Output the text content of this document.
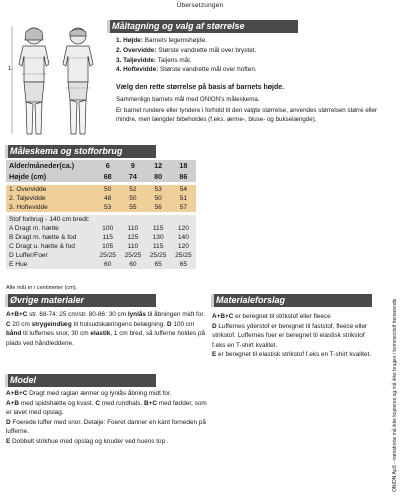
Übersetzungen
1.
Måltagning og valg af størrelse
1. Højde: Barnets legemshøjde.
2. Overvidde: Største vandrette mål over brystet.
3. Taljevidde: Taljens mål.
4. Hoftevidde: Største vandrette mål over hoften.
Vælg den rette størrelse på basis af barnets højde.
Sammenlign barnets mål med ONION's måleskema.
Er barnet rundere eller tyndere i forhold til den valgte størrelse, anvendes størrelsen større eller mindre, men længder bibeholdes (f.eks. ærme-, bluse- og bukselængde).
Måleskema og stofforbrug
Alder/måneder(ca.)	6	9	12	18
Højde (cm)	68	74	80	86

1. Overvidde	50	52	53	54
2. Taljevidde	48	50	50	51
3. Hoftevidde	53	55	56	57

Stof forbrug - 140 cm bredt:				
A Dragt m. hætte	100	110	115	120
B Dragt m. hætte & fod	115	125	130	140
C Dragt u. hætte & fod	105	110	115	120
D Luffer/Foer	25/25	25/25	25/25	25/25
E Hue	60	60	65	65
Alle mål er i centimeter (cm).
Øvrige materialer
A+B+C str. 68-74: 25 cm/str. 80-86: 30 cm lynlås til åbningen midt for. C 20 cm strygeindlæg til holsudskæringens belægning. D 100 cm bånd til luffernes snor, 30 cm elastik, 1 cm bred, så lufferne holdes på plads ved håndleddene.
Materialeforslag
A+B+C er beregnet til strikstof eller fleece
D Luffernes yderstof er beregnet til faststof, fleece eller strikstof. Luffernes foer er beregnet til elastisk strikstof f.eks en T-shirt kvalitet.
E er beregnet til elastisk strikstof f.eks en T-shirt kvalitet.
Model
A+B+C Dragt med raglan ærmer og lynlås åbning midt for.
A+B med spidshætte og kvast. C med rundhals. B+C med fødder, som er lavet med opslag.
D Foerede luffer med snor. Detalje: Foeret danner en kant forneden på lufferne.
E Dobbelt strikhue med opslag og knuder ved huens top .	ONION ApS - mønstrene må ikke kopieres og må ikke bruges i kommercielt henseende.
